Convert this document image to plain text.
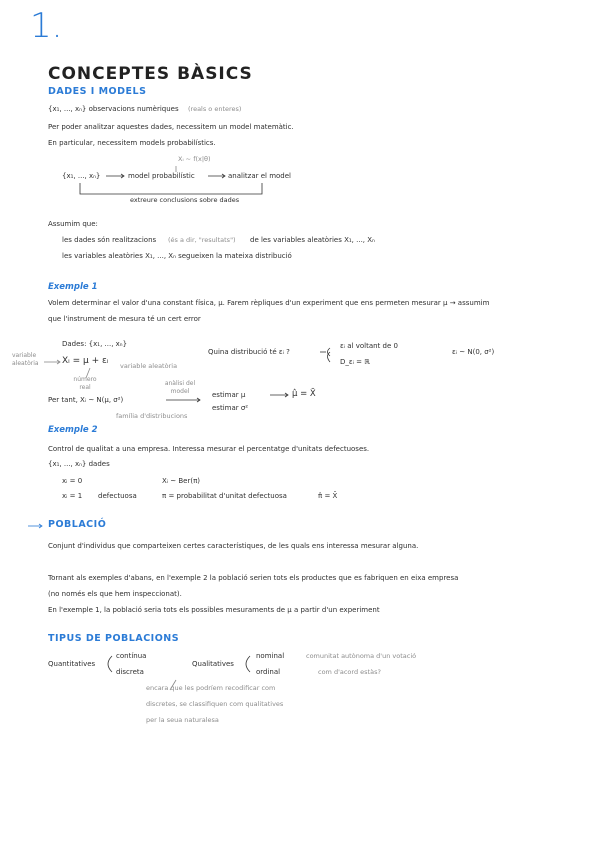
1.
CONCEPTES BÀSICS
DADES I MODELS
{x₁, ..., xₙ} observacions numèriques (reals o enteres)
Per poder analitzar aquestes dades, necessitem un model matemàtic.
En particular, necessitem models probabilístics.
Xᵢ ~ f(x|θ)
{x₁, ..., xₙ}	model probabilístic	analitzar el model
extreure conclusions sobre dades
Assumim que:
les dades són realitzacions (és a dir, "resultats") de les variables aleatòries X₁, ..., Xₙ
les variables aleatòries X₁, ..., Xₙ segueixen la mateixa distribució
Exemple 1
Volem determinar el valor d'una constant física, μ. Farem rèpliques d'un experiment que ens permeten mesurar μ → assumim
que l'instrument de mesura té un cert error
Dades: {x₁, ..., xₙ}
variable aleatòria	Xᵢ = μ + εᵢ variable aleatòria
número real
Quina distribució té εᵢ ?
εᵢ al voltant de 0
D_εᵢ = ℝ
εᵢ ~ N(0, σ²)
anàlisi del model
Per tant, Xᵢ ~ N(μ, σ²)
família d'distribucions
estimar μ	μ̂ = X̄
estimar σ²
Exemple 2
Control de qualitat a una empresa. Interessa mesurar el percentatge d'unitats defectuoses.
{x₁, ..., xₙ} dades
xᵢ = 0	Xᵢ ~ Ber(π)
xᵢ = 1 defectuosa	π = probabilitat d'unitat defectuosa	π̂ = X̄
POBLACIÓ
Conjunt d'individus que comparteixen certes característiques, de les quals ens interessa mesurar alguna.
Tornant als exemples d'abans, en l'exemple 2 la població serien tots els productes que es fabriquen en eixa empresa
(no només els que hem inspeccionat).
En l'exemple 1, la població seria tots els possibles mesuraments de μ a partir d'un experiment
TIPUS DE POBLACIONS
Quantitatives
contínua
discreta
Qualitatives
nominal
ordinal
comunitat autònoma d'un votació
com d'acord estàs?
encara que les podríem recodificar com
discretes, se classifiquen com qualitatives
per la seua naturalesa
